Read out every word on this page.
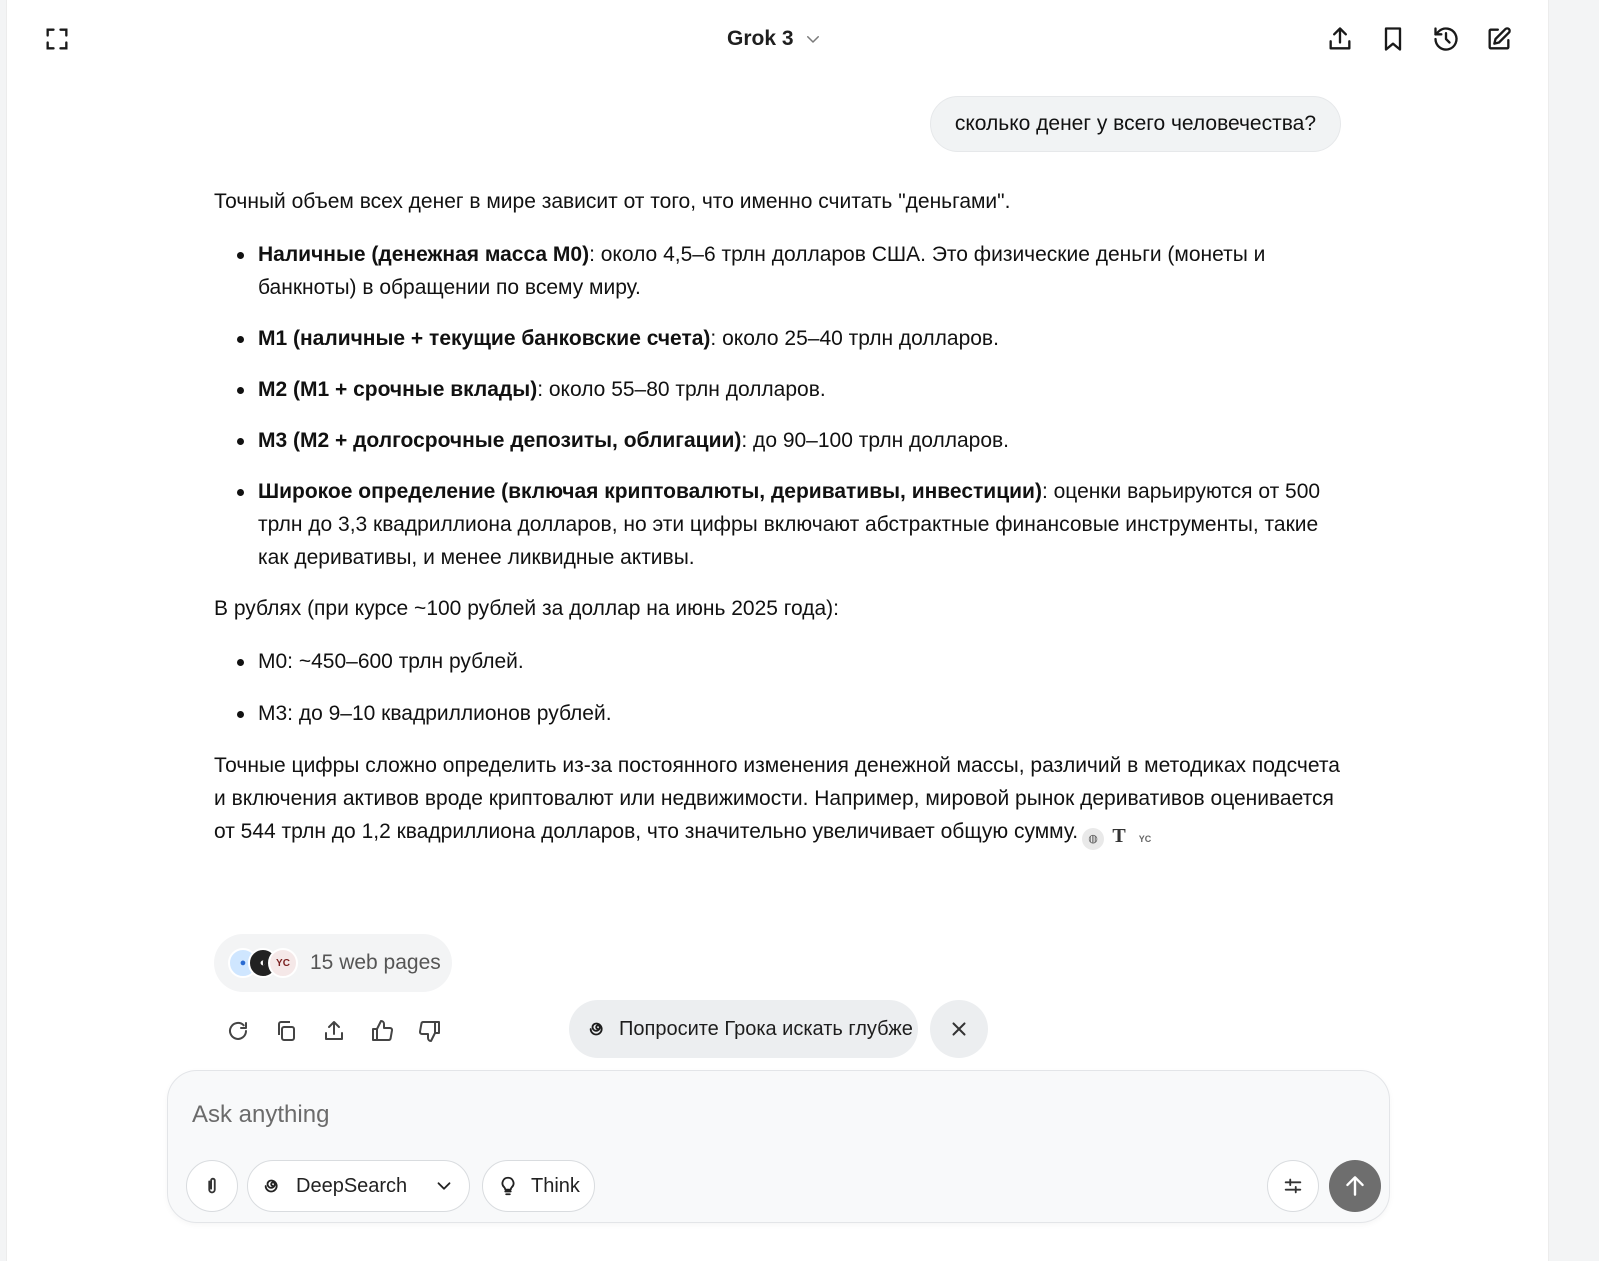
Grok 3
сколько денег у всего человечества?

Точный объем всех денег в мире зависит от того, что именно считать "деньгами".

Наличные (денежная масса M0): около 4,5–6 трлн долларов США. Это физические деньги (монеты и банкноты) в обращении по всему миру.
M1 (наличные + текущие банковские счета): около 25–40 трлн долларов.
M2 (M1 + срочные вклады): около 55–80 трлн долларов.
M3 (M2 + долгосрочные депозиты, облигации): до 90–100 трлн долларов.
Широкое определение (включая криптовалюты, деривативы, инвестиции): оценки варьируются от 500 трлн до 3,3 квадриллиона долларов, но эти цифры включают абстрактные финансовые инструменты, такие как деривативы, и менее ликвидные активы.

В рублях (при курсе ~100 рублей за доллар на июнь 2025 года):

M0: ~450–600 трлн рублей.
M3: до 9–10 квадриллионов рублей.

Точные цифры сложно определить из-за постоянного изменения денежной массы, различий в методиках подсчета и включения активов вроде криптовалют или недвижимости. Например, мировой рынок деривативов оценивается от 544 трлн до 1,2 квадриллиона долларов, что значительно увеличивает общую сумму. ◍ T YC

●	◐ YC 15 web pages
Попросите Грока искать глубже
Ask anything
DeepSearch	Think
